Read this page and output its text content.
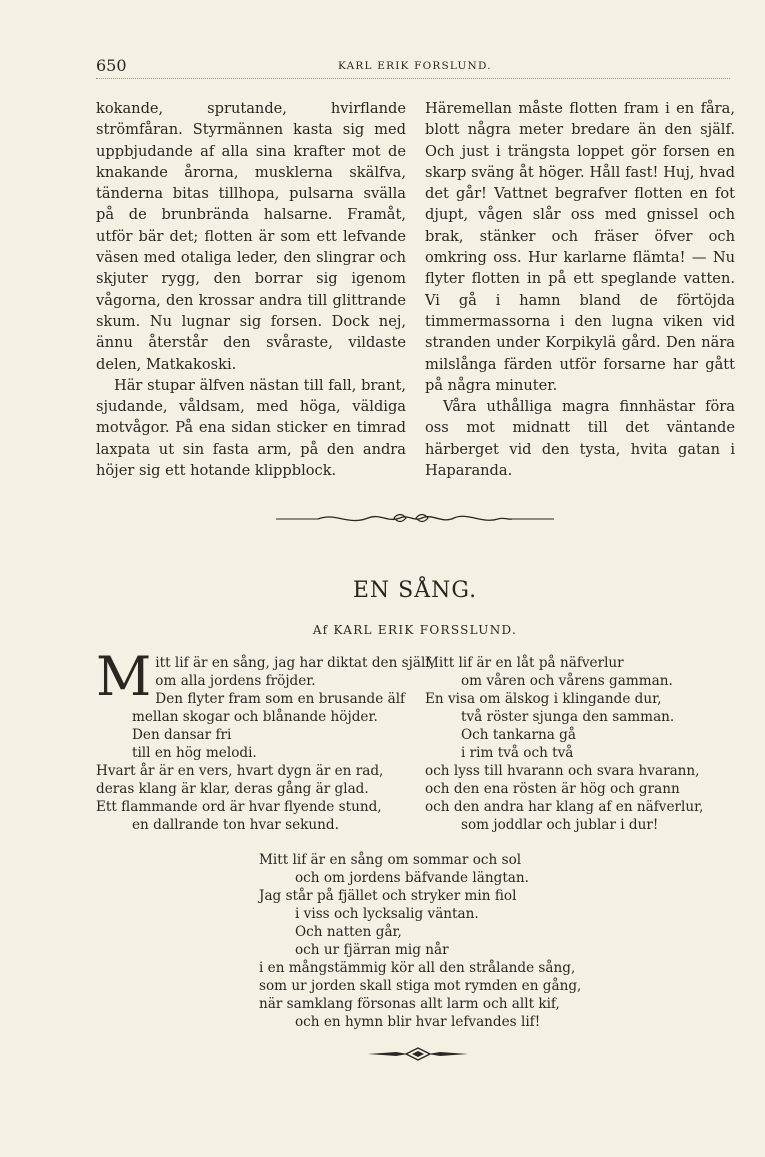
650	KARL ERIK FORSLUND.

kokande, sprutande, hvirflande strömfåran. Styrmännen kasta sig med uppbjudande af alla sina krafter mot de knakande årorna, musklerna skälfva, tänderna bitas tillhopa, pulsarna svälla på de brunbrända halsarne. Framåt, utför bär det; flotten är som ett lefvande väsen med otaliga leder, den slingrar och skjuter rygg, den borrar sig igenom vågorna, den krossar andra till glittrande skum. Nu lugnar sig forsen. Dock nej, ännu återstår den svåraste, vildaste delen, Matkakoski.

Här stupar älfven nästan till fall, brant, sjudande, våldsam, med höga, väldiga motvågor. På ena sidan sticker en timrad laxpata ut sin fasta arm, på den andra höjer sig ett hotande klippblock.

Häremellan måste flotten fram i en fåra, blott några meter bredare än den själf. Och just i trängsta loppet gör forsen en skarp sväng åt höger. Håll fast! Huj, hvad det går! Vattnet begrafver flotten en fot djupt, vågen slår oss med gnissel och brak, stänker och fräser öfver och omkring oss. Hur karlarne flämta! — Nu flyter flotten in på ett speglande vatten. Vi gå i hamn bland de förtöjda timmermassorna i den lugna viken vid stranden under Korpikylä gård. Den nära milslånga färden utför forsarne har gått på några minuter.

Våra uthålliga magra finnhästar föra oss mot midnatt till det väntande härberget vid den tysta, hvita gatan i Haparanda.

EN SÅNG.
Af KARL ERIK FORSSLUND.
M itt lif är en sång, jag har diktat den själf,
om alla jordens fröjder.
Den flyter fram som en brusande älf
mellan skogar och blånande höjder.
Den dansar fri
till en hög melodi.
Hvart år är en vers, hvart dygn är en rad,
deras klang är klar, deras gång är glad.
Ett flammande ord är hvar flyende stund,
en dallrande ton hvar sekund.
Mitt lif är en låt på näfverlur
om våren och vårens gamman.
En visa om älskog i klingande dur,
två röster sjunga den samman.
Och tankarna gå
i rim två och två
och lyss till hvarann och svara hvarann,
och den ena rösten är hög och grann
och den andra har klang af en näfverlur,
som joddlar och jublar i dur!
Mitt lif är en sång om sommar och sol
och om jordens bäfvande längtan.
Jag står på fjället och stryker min fiol
i viss och lycksalig väntan.
Och natten går,
och ur fjärran mig når
i en mångstämmig kör all den strålande sång,
som ur jorden skall stiga mot rymden en gång,
när samklang försonas allt larm och allt kif,
och en hymn blir hvar lefvandes lif!
